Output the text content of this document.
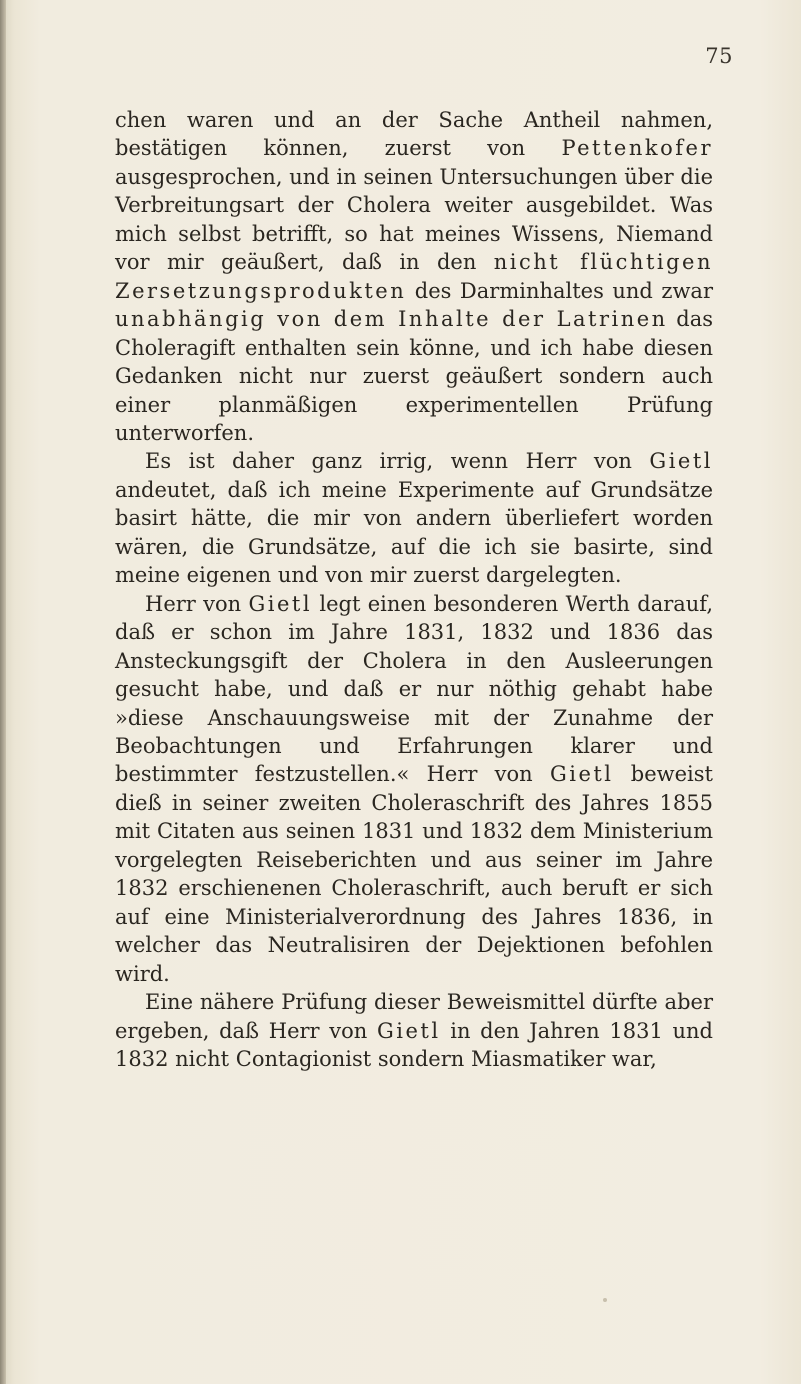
75

chen waren und an der Sache Antheil nahmen, bestätigen können, zuerst von Pettenkofer ausgesprochen, und in seinen Untersuchungen über die Verbreitungsart der Cholera weiter ausgebildet. Was mich selbst betrifft, so hat meines Wissens, Niemand vor mir geäußert, daß in den nicht flüchtigen Zersetzungsprodukten des Darminhaltes und zwar unabhängig von dem Inhalte der Latrinen das Choleragift enthalten sein könne, und ich habe diesen Gedanken nicht nur zuerst geäußert sondern auch einer planmäßigen experimentellen Prüfung unterworfen.

Es ist daher ganz irrig, wenn Herr von Gietl andeutet, daß ich meine Experimente auf Grundsätze basirt hätte, die mir von andern überliefert worden wären, die Grundsätze, auf die ich sie basirte, sind meine eigenen und von mir zuerst dargelegten.

Herr von Gietl legt einen besonderen Werth darauf, daß er schon im Jahre 1831, 1832 und 1836 das Ansteckungsgift der Cholera in den Ausleerungen gesucht habe, und daß er nur nöthig gehabt habe »diese Anschauungsweise mit der Zunahme der Beobachtungen und Erfahrungen klarer und bestimmter festzustellen.« Herr von Gietl beweist dieß in seiner zweiten Choleraschrift des Jahres 1855 mit Citaten aus seinen 1831 und 1832 dem Ministerium vorgelegten Reiseberichten und aus seiner im Jahre 1832 erschienenen Choleraschrift, auch beruft er sich auf eine Ministerialverordnung des Jahres 1836, in welcher das Neutralisiren der Dejektionen befohlen wird.

Eine nähere Prüfung dieser Beweismittel dürfte aber ergeben, daß Herr von Gietl in den Jahren 1831 und 1832 nicht Contagionist sondern Miasmatiker war,
